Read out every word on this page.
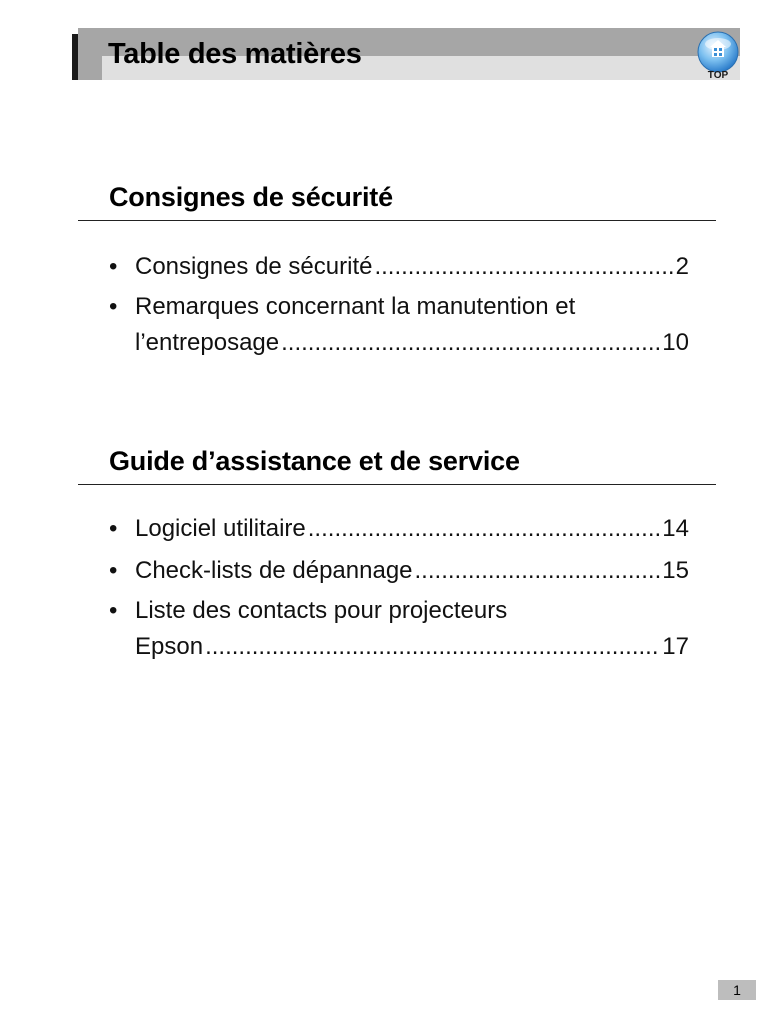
Table des matières
TOP
Consignes de sécurité
• Consignes de sécurité .....	2
• Remarques concernant la manutention et
l’entreposage .....	10
Guide d’assistance et de service
• Logiciel utilitaire .....	14
• Check-lists de dépannage .....	15
• Liste des contacts pour projecteurs
Epson .....	17
1
